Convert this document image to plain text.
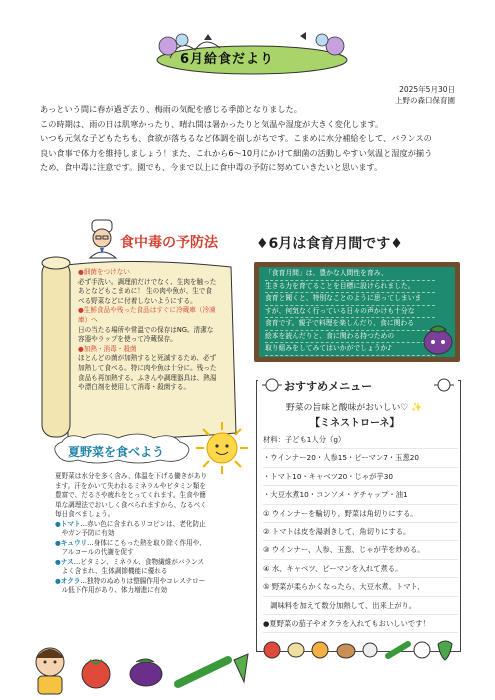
6月給食だより
2025年5月30日
上野の森口保育園

あっという間に春が過ぎ去り、梅雨の気配を感じる季節となりました。

この時期は、雨の日は肌寒かったり、晴れ間は暑かったりと気温や湿度が大きく変化します。

いつも元気な子どもたちも、食欲が落ちるなど体調を崩しがちです。こまめに水分補給をして、バランスの

良い食事で体力を維持しましょう！また、これから6〜10月にかけて細菌の活動しやすい気温と湿度が揃う

ため、食中毒に注意です。園でも、今まで以上に食中毒の予防に努めていきたいと思います。

食中毒の予防法
●細菌をつけない
必ず手洗い。調理前だけでなく、生肉を触った
あとなどもこまめに！ 生の肉や魚が、生で食
べる野菜などに付着しないようにする。
●生鮮食品や残った食品はすぐに冷蔵庫（冷凍
庫）へ
日の当たる場所や常温での保存はNG。清潔な
容器やラップを使って冷蔵保存。
●加熱・消毒・殺菌
ほとんどの菌が加熱すると死滅するため、必ず
加熱して食べる。特に肉や魚は十分に。残った
食品も再加熱する。ふきんや調理器具は、熱湯
や漂白剤を使用して消毒・殺菌する。
♦6月は食育月間です♦

「食育月間」は、豊かな人間性を育み、

生きる力を育てることを目標に設けられました。

食育と聞くと、特別なことのように思ってしまいま

すが、何気なく行っている日々の声かけも十分な

食育です。親子で料理を楽しんだり、食に関わる

絵本を読んだりと、食に関わる持つための

取り組みをしてみてはいかがでしょうか♪

おすすめメニュー
野菜の旨味と酸味がおいしい♡ ✨
【ミネストローネ】

材料：子ども1人分（g）

・ウインナー20・人参15・ピーマン7・玉葱20

・トマト10・キャベツ20・じゃが芋30

・大豆水煮10・コンソメ・ケチャップ・油1

① ウインナーを輪切り、野菜は角切りにする。

② トマトは皮を湯剥きして、角切りにする。

③ ウインナー、人参、玉葱、じゃが芋を炒める。

④ 水、キャベツ、ピーマンを入れて煮る。

⑤ 野菜が柔らかくなったら、大豆水煮、トマト、

　調味料を加えて数分加熱して、出来上がり。

●夏野菜の茄子やオクラを入れてもおいしいです！

夏野菜を食べよう
夏野菜は水分を多く含み、体温を下げる働きがあり
ます。汗をかいて失われるミネラルやビタミン類を
豊富で、だるさや疲れをとってくれます。生食や簡
単な調理法でおいしく食べられますから、なるべく
毎日食べましょう。
●トマト…赤い色に含まれるリコピンは、老化防止
　やガン予防に有効
●キュウリ…身体にこもった熱を取り除く作用や、
　アルコールの代謝を促す
●ナス…ビタミン、ミネラル、食物繊維がバランス
　よく含まれ、生体調節機能に優れる
●オクラ…独特のぬめりは整腸作用やコレステロー
　ル低下作用があり、体力増進に有効
